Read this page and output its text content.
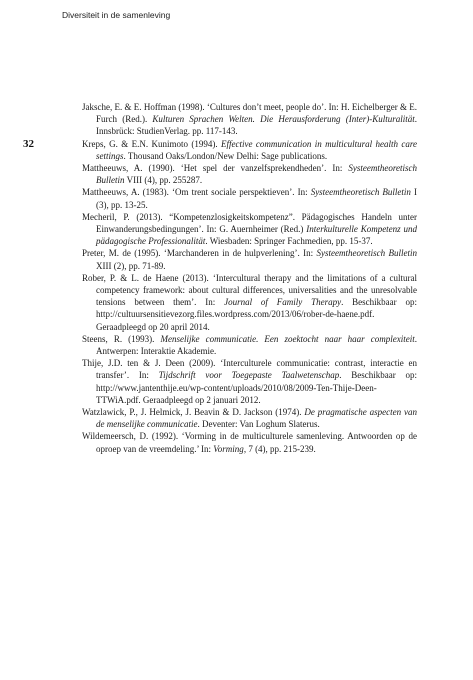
Diversiteit in de samenleving
32
Jaksche, E. & E. Hoffman (1998). ‘Cultures don’t meet, people do’. In: H. Eichelberger & E. Furch (Red.). Kulturen Sprachen Welten. Die Herausforderung (Inter)-Kulturalität. Innsbrück: StudienVerlag. pp. 117-143.
Kreps, G. & E.N. Kunimoto (1994). Effective communication in multicultural health care settings. Thousand Oaks/London/New Delhi: Sage publications.
Mattheeuws, A. (1990). ‘Het spel der vanzelfsprekendheden’. In: Systeemtheoretisch Bulletin VIII (4), pp. 255287.
Mattheeuws, A. (1983). ‘Om trent sociale perspektieven’. In: Systeemtheoretisch Bulletin I (3), pp. 13-25.
Mecheril, P. (2013). “Kompetenzlosigkeitskompetenz”. Pädagogisches Handeln unter Einwanderungsbedingungen’. In: G. Auernheimer (Red.) Interkulturelle Kompetenz und pädagogische Professionalität. Wiesbaden: Springer Fachmedien, pp. 15-37.
Preter, M. de (1995). ‘Marchanderen in de hulpverlening’. In: Systeemtheoretisch Bulletin XIII (2), pp. 71-89.
Rober, P. & L. de Haene (2013). ‘Intercultural therapy and the limitations of a cultural competency framework: about cultural differences, universalities and the unresolvable tensions between them’. In: Journal of Family Therapy. Beschikbaar op: http://cultuursensitievezorg.files.wordpress.com/2013/06/rober-de-haene.pdf. Geraadpleegd op 20 april 2014.
Steens, R. (1993). Menselijke communicatie. Een zoektocht naar haar complexiteit. Antwerpen: Interaktie Akademie.
Thije, J.D. ten & J. Deen (2009). ‘Interculturele communicatie: contrast, interactie en transfer’. In: Tijdschrift voor Toegepaste Taalwetenschap. Beschikbaar op: http://www.jantenthije.eu/wp-content/uploads/2010/08/2009-Ten-Thije-Deen-TTWiA.pdf. Geraadpleegd op 2 januari 2012.
Watzlawick, P., J. Helmick, J. Beavin & D. Jackson (1974). De pragmatische aspecten van de menselijke communicatie. Deventer: Van Loghum Slaterus.
Wildemeersch, D. (1992). ‘Vorming in de multiculturele samenleving. Antwoorden op de oproep van de vreemdeling.’ In: Vorming, 7 (4), pp. 215-239.
